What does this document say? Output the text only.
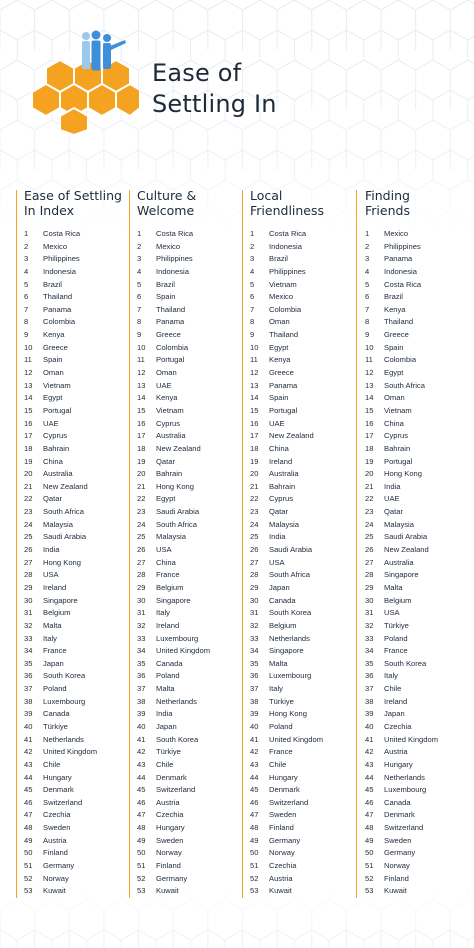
Ease of
Settling In
Ease of Settling
In Index
1 Costa Rica
2 Mexico
3 Philippines
4 Indonesia
5 Brazil
6 Thailand
7 Panama
8 Colombia
9 Kenya
10 Greece
11 Spain
12 Oman
13 Vietnam
14 Egypt
15 Portugal
16 UAE
17 Cyprus
18 Bahrain
19 China
20 Australia
21 New Zealand
22 Qatar
23 South Africa
24 Malaysia
25 Saudi Arabia
26 India
27 Hong Kong
28 USA
29 Ireland
30 Singapore
31 Belgium
32 Malta
33 Italy
34 France
35 Japan
36 South Korea
37 Poland
38 Luxembourg
39 Canada
40 Türkiye
41 Netherlands
42 United Kingdom
43 Chile
44 Hungary
45 Denmark
46 Switzerland
47 Czechia
48 Sweden
49 Austria
50 Finland
51 Germany
52 Norway
53 Kuwait
Culture &
Welcome
1 Costa Rica
2 Mexico
3 Philippines
4 Indonesia
5 Brazil
6 Spain
7 Thailand
8 Panama
9 Greece
10 Colombia
11 Portugal
12 Oman
13 UAE
14 Kenya
15 Vietnam
16 Cyprus
17 Australia
18 New Zealand
19 Qatar
20 Bahrain
21 Hong Kong
22 Egypt
23 Saudi Arabia
24 South Africa
25 Malaysia
26 USA
27 China
28 France
29 Belgium
30 Singapore
31 Italy
32 Ireland
33 Luxembourg
34 United Kingdom
35 Canada
36 Poland
37 Malta
38 Netherlands
39 India
40 Japan
41 South Korea
42 Türkiye
43 Chile
44 Denmark
45 Switzerland
46 Austria
47 Czechia
48 Hungary
49 Sweden
50 Norway
51 Finland
52 Germany
53 Kuwait
Local
Friendliness
1 Costa Rica
2 Indonesia
3 Brazil
4 Philippines
5 Vietnam
6 Mexico
7 Colombia
8 Oman
9 Thailand
10 Egypt
11 Kenya
12 Greece
13 Panama
14 Spain
15 Portugal
16 UAE
17 New Zealand
18 China
19 Ireland
20 Australia
21 Bahrain
22 Cyprus
23 Qatar
24 Malaysia
25 India
26 Saudi Arabia
27 USA
28 South Africa
29 Japan
30 Canada
31 South Korea
32 Belgium
33 Netherlands
34 Singapore
35 Malta
36 Luxembourg
37 Italy
38 Türkiye
39 Hong Kong
40 Poland
41 United Kingdom
42 France
43 Chile
44 Hungary
45 Denmark
46 Switzerland
47 Sweden
48 Finland
49 Germany
50 Norway
51 Czechia
52 Austria
53 Kuwait
Finding
Friends
1 Mexico
2 Philippines
3 Panama
4 Indonesia
5 Costa Rica
6 Brazil
7 Kenya
8 Thailand
9 Greece
10 Spain
11 Colombia
12 Egypt
13 South Africa
14 Oman
15 Vietnam
16 China
17 Cyprus
18 Bahrain
19 Portugal
20 Hong Kong
21 India
22 UAE
23 Qatar
24 Malaysia
25 Saudi Arabia
26 New Zealand
27 Australia
28 Singapore
29 Malta
30 Belgium
31 USA
32 Türkiye
33 Poland
34 France
35 South Korea
36 Italy
37 Chile
38 Ireland
39 Japan
40 Czechia
41 United Kingdom
42 Austria
43 Hungary
44 Netherlands
45 Luxembourg
46 Canada
47 Denmark
48 Switzerland
49 Sweden
50 Germany
51 Norway
52 Finland
53 Kuwait
